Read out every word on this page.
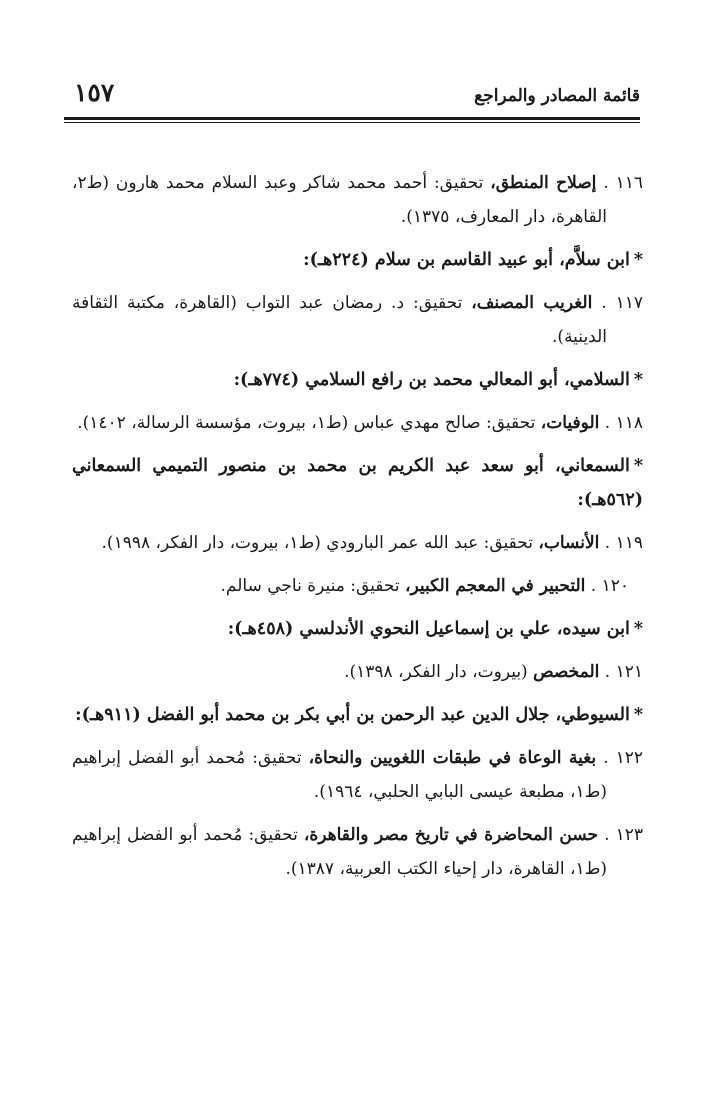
١٥٧	قائمة المصادر والمراجع

١١٦ . إصلاح المنطق، تحقيق: أحمد محمد شاكر وعبد السلام محمد هارون (ط٢، القاهرة، دار المعارف، ١٣٧٥).

*ابن سلاَّم، أبو عبيد القاسم بن سلام (٢٢٤هـ):

١١٧ . الغريب المصنف، تحقيق: د. رمضان عبد التواب (القاهرة، مكتبة الثقافة الدينية).

*السلامي، أبو المعالي محمد بن رافع السلامي (٧٧٤هـ):

١١٨ . الوفيات، تحقيق: صالح مهدي عباس (ط١، بيروت، مؤسسة الرسالة، ١٤٠٢).

*السمعاني، أبو سعد عبد الكريم بن محمد بن منصور التميمي السمعاني (٥٦٢هـ):

١١٩ . الأنساب، تحقيق: عبد الله عمر البارودي (ط١، بيروت، دار الفكر، ١٩٩٨).

١٢٠ . التحبير في المعجم الكبير، تحقيق: منيرة ناجي سالم.

*ابن سيده، علي بن إسماعيل النحوي الأندلسي (٤٥٨هـ):

١٢١ . المخصص (بيروت، دار الفكر، ١٣٩٨).

*السيوطي، جلال الدين عبد الرحمن بن أبي بكر بن محمد أبو الفضل (٩١١هـ):

١٢٢ . بغية الوعاة في طبقات اللغويين والنحاة، تحقيق: مُحمد أبو الفضل إبراهيم (ط١، مطبعة عيسى البابي الحلبي، ١٩٦٤).

١٢٣ . حسن المحاضرة في تاريخ مصر والقاهرة، تحقيق: مُحمد أبو الفضل إبراهيم (ط١، القاهرة، دار إحياء الكتب العربية، ١٣٨٧).
